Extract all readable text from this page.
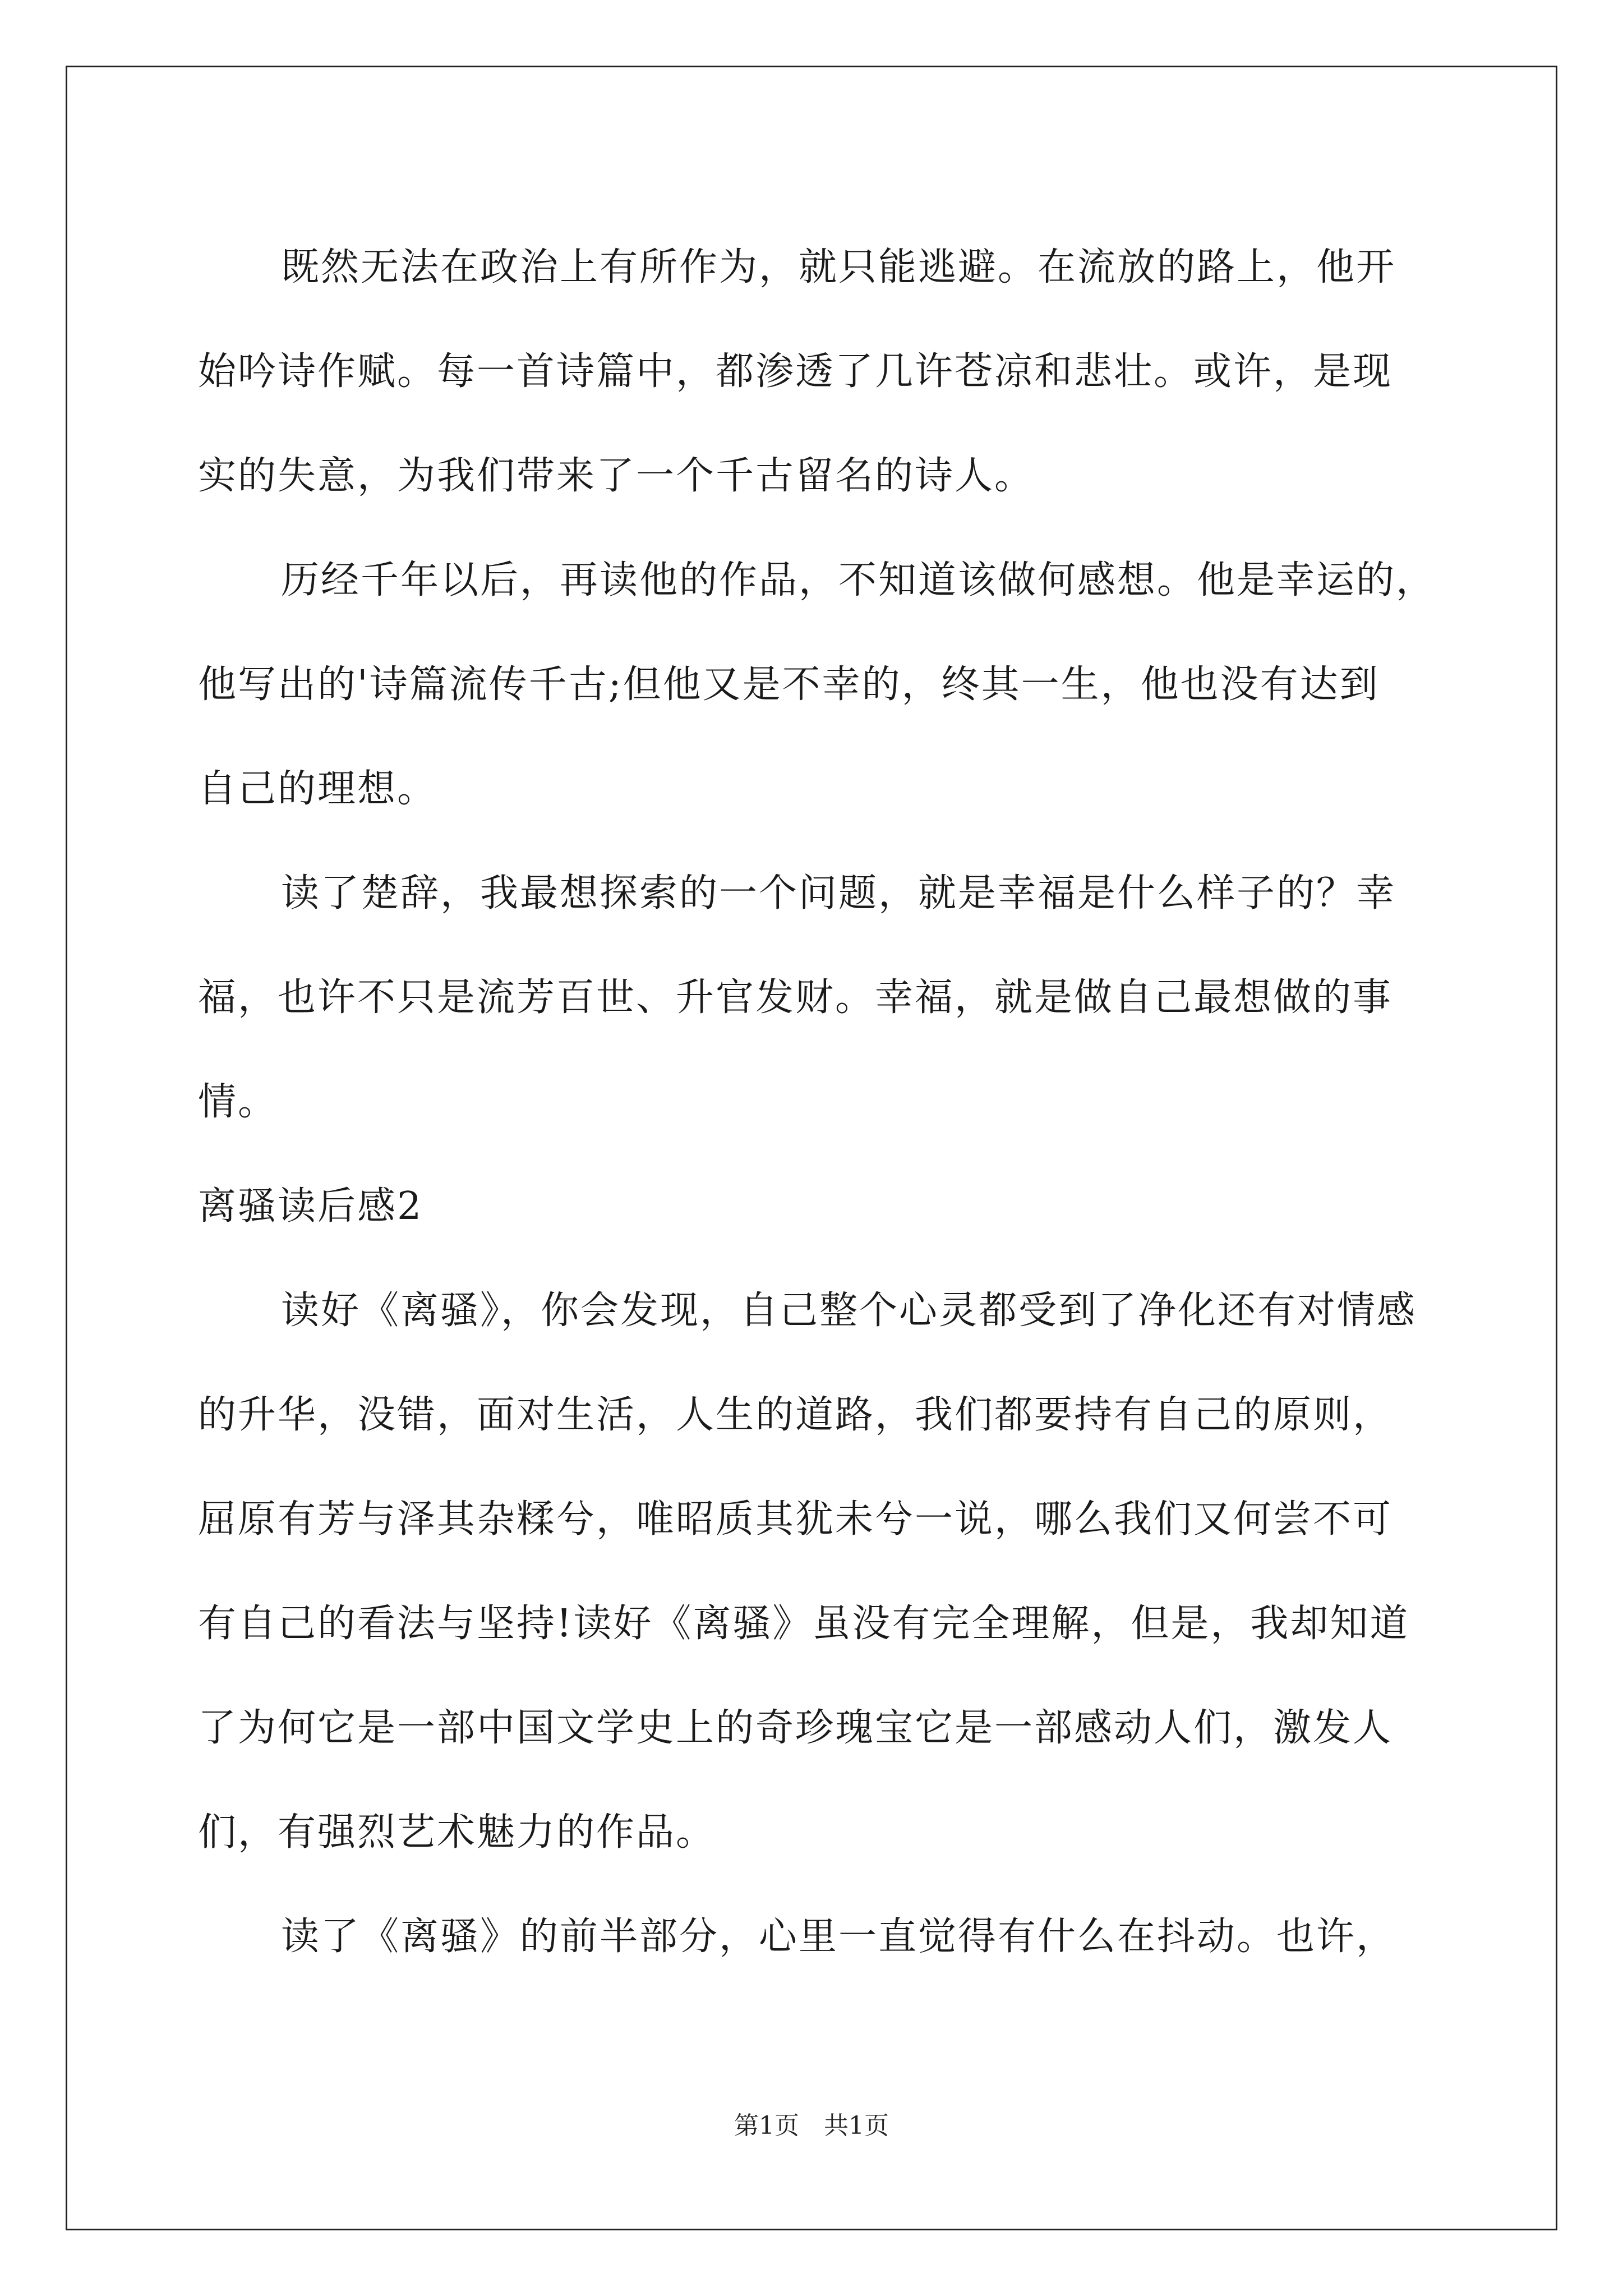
既然无法在政治上有所作为，就只能逃避。在流放的路上，他开
始吟诗作赋。每一首诗篇中，都渗透了几许苍凉和悲壮。或许，是现
实的失意，为我们带来了一个千古留名的诗人。
历经千年以后，再读他的作品，不知道该做何感想。他是幸运的，
他写出的'诗篇流传千古;但他又是不幸的，终其一生，他也没有达到
自己的理想。
读了楚辞，我最想探索的一个问题，就是幸福是什么样子的？幸
福，也许不只是流芳百世、升官发财。幸福，就是做自己最想做的事
情。
离骚读后感2
读好《离骚》，你会发现，自己整个心灵都受到了净化还有对情感
的升华，没错，面对生活，人生的道路，我们都要持有自己的原则，
屈原有芳与泽其杂糅兮，唯昭质其犹未兮一说，哪么我们又何尝不可
有自己的看法与坚持!读好《离骚》虽没有完全理解，但是，我却知道
了为何它是一部中国文学史上的奇珍瑰宝它是一部感动人们，激发人
们，有强烈艺术魅力的作品。
读了《离骚》的前半部分，心里一直觉得有什么在抖动。也许，
第1页　共1页
